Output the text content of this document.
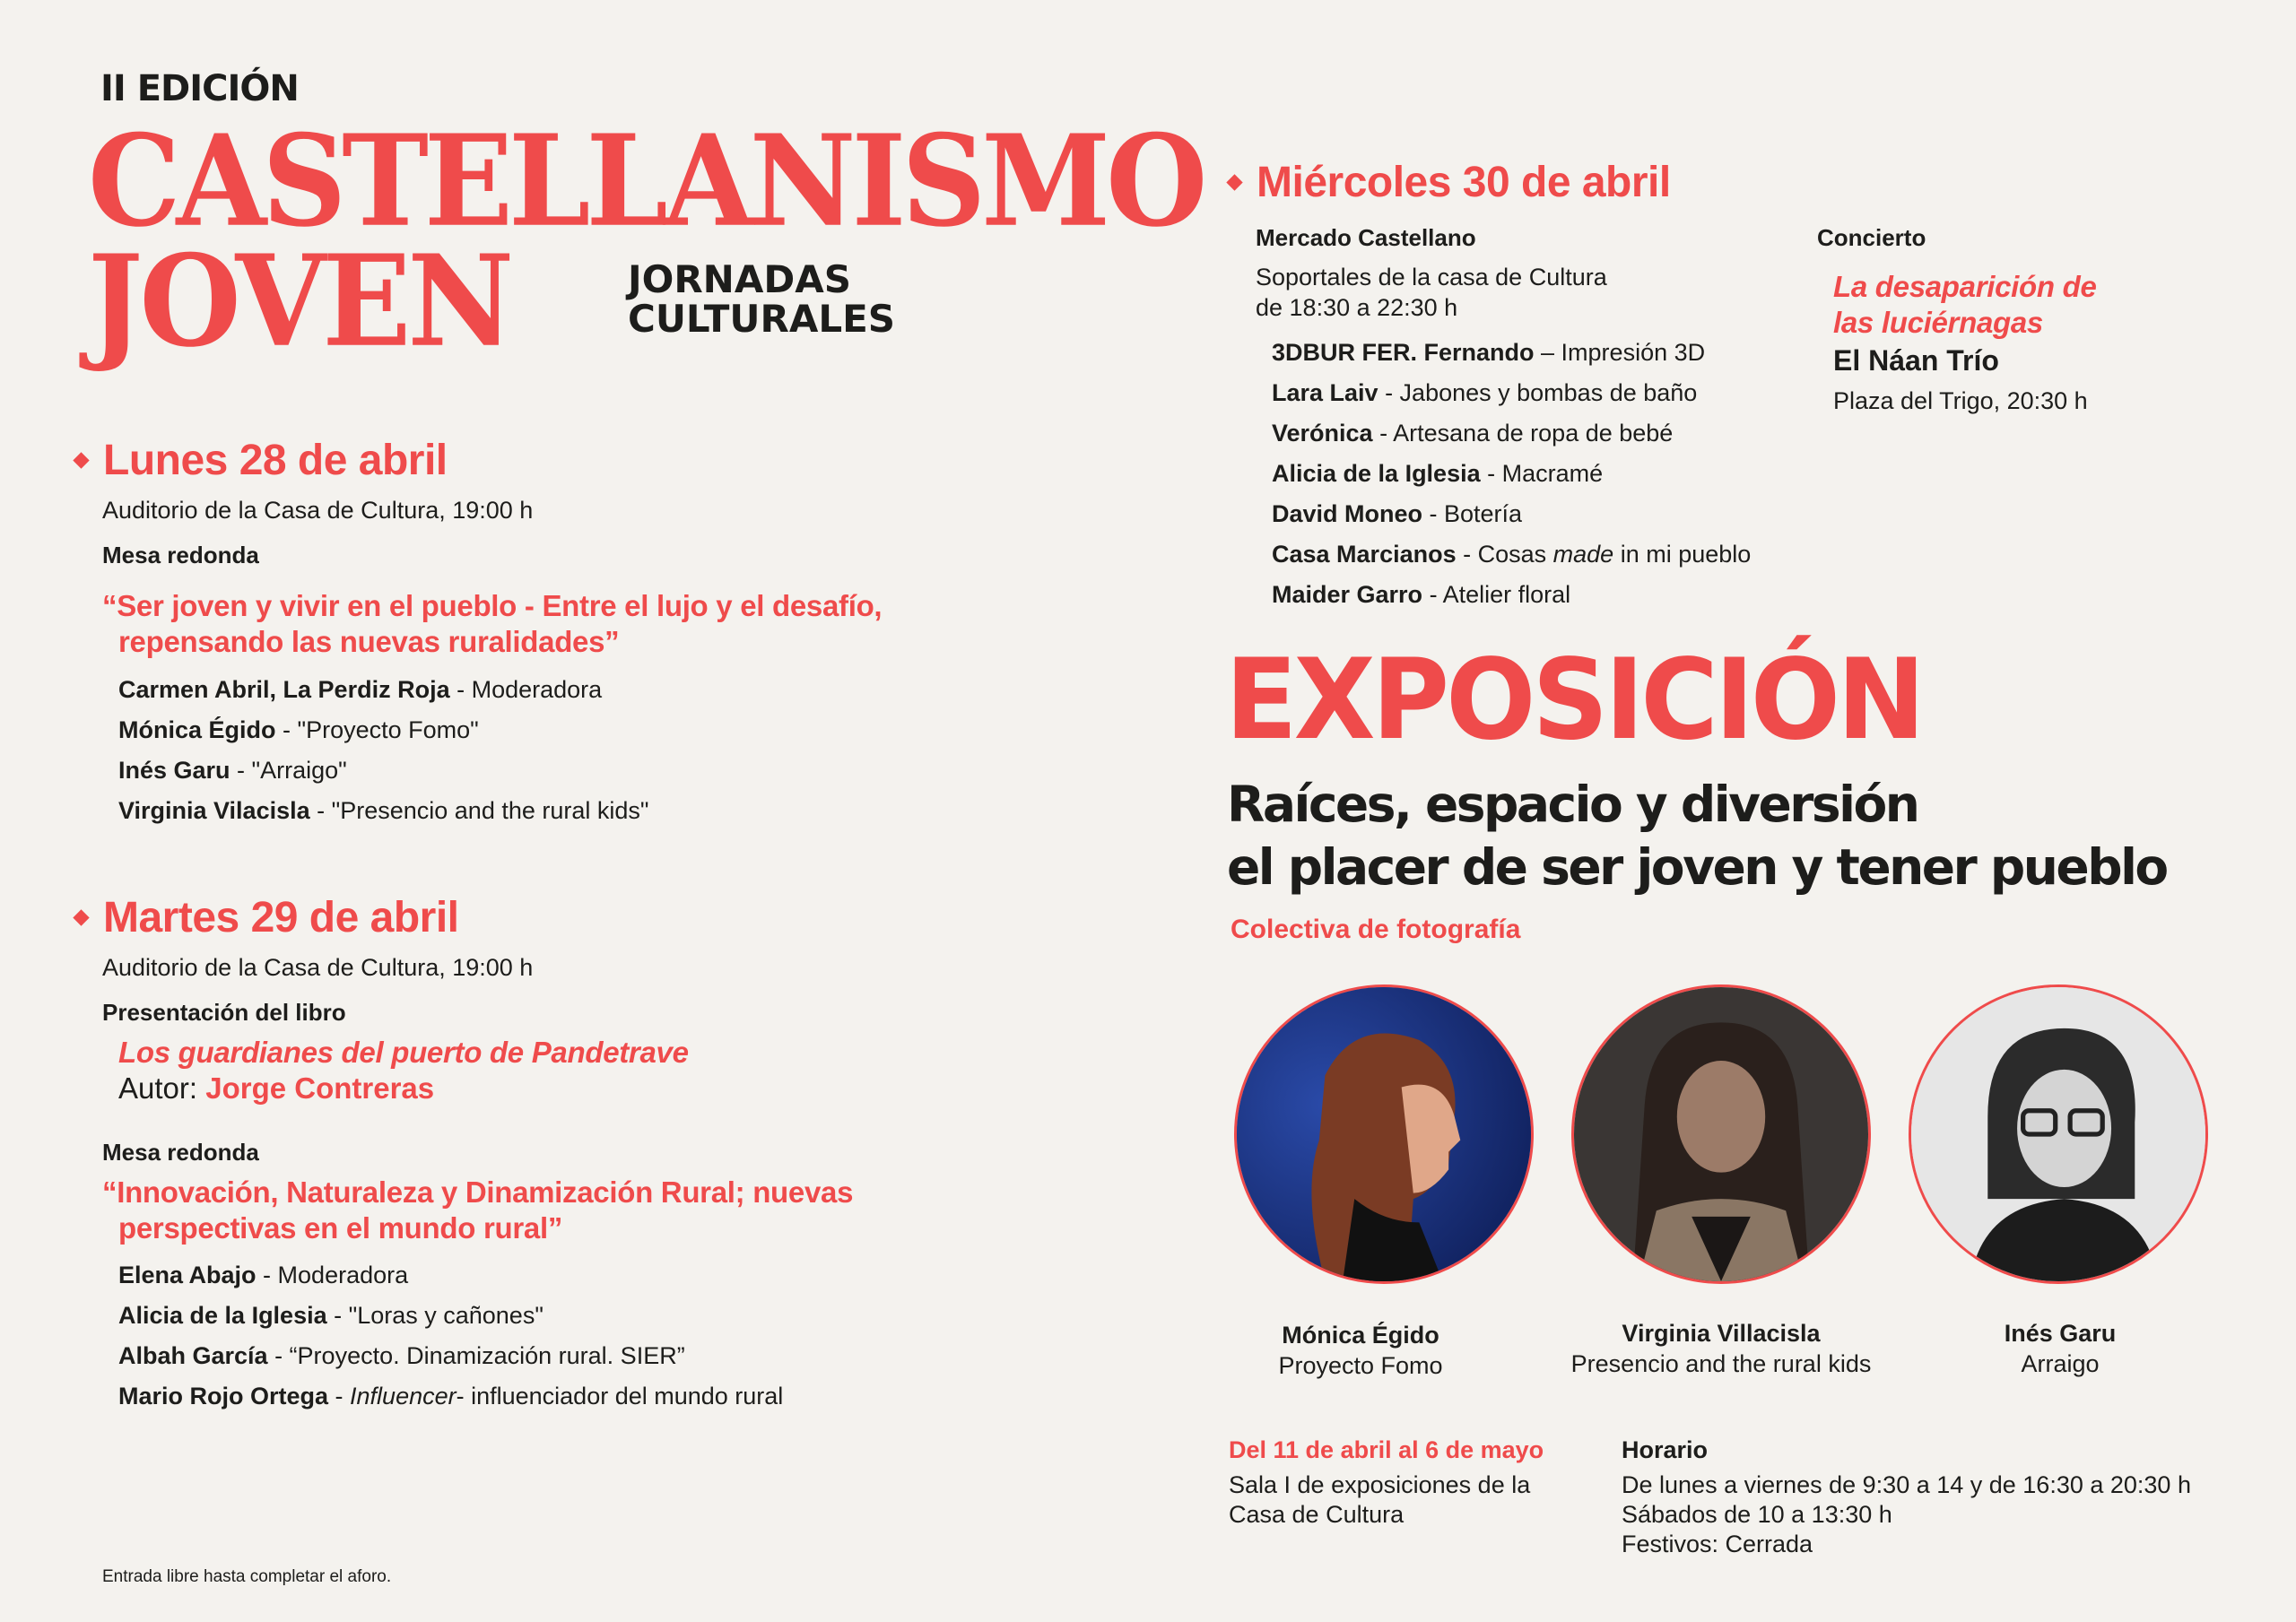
II EDICIÓN
CASTELLANISMO
JOVEN	JORNADAS
CULTURALES
Lunes 28 de abril
Auditorio de la Casa de Cultura, 19:00 h
Mesa redonda
“Ser joven y vivir en el pueblo - Entre el lujo y el desafío,
repensando las nuevas ruralidades”
Carmen Abril, La Perdiz Roja - Moderadora
Mónica Égido - "Proyecto Fomo"
Inés Garu - "Arraigo"
Virginia Vilacisla - "Presencio and the rural kids"
Martes 29 de abril
Auditorio de la Casa de Cultura, 19:00 h
Presentación del libro
Los guardianes del puerto de Pandetrave
Autor: Jorge Contreras
Mesa redonda
“Innovación, Naturaleza y Dinamización Rural; nuevas
perspectivas en el mundo rural”
Elena Abajo - Moderadora
Alicia de la Iglesia - "Loras y cañones"
Albah García - “Proyecto. Dinamización rural. SIER”
Mario Rojo Ortega - Influencer- influenciador del mundo rural
Entrada libre hasta completar el aforo.
Miércoles 30 de abril
Mercado Castellano
Soportales de la casa de Cultura
de 18:30 a 22:30 h
3DBUR FER. Fernando – Impresión 3D
Lara Laiv - Jabones y bombas de baño
Verónica - Artesana de ropa de bebé
Alicia de la Iglesia - Macramé
David Moneo - Botería
Casa Marcianos - Cosas made in mi pueblo
Maider Garro - Atelier floral
Concierto
La desaparición de
las luciérnagas
El Náan Trío
Plaza del Trigo, 20:30 h
EXPOSICIÓN
Raíces, espacio y diversión
el placer de ser joven y tener pueblo
Colectiva de fotografía
Mónica Égido
Proyecto Fomo
Virginia Villacisla
Presencio and the rural kids
Inés Garu
Arraigo
Del 11 de abril al 6 de mayo
Sala I de exposiciones de la
Casa de Cultura
Horario
De lunes a viernes de 9:30 a 14 y de 16:30 a 20:30 h
Sábados de 10 a 13:30 h
Festivos: Cerrada
